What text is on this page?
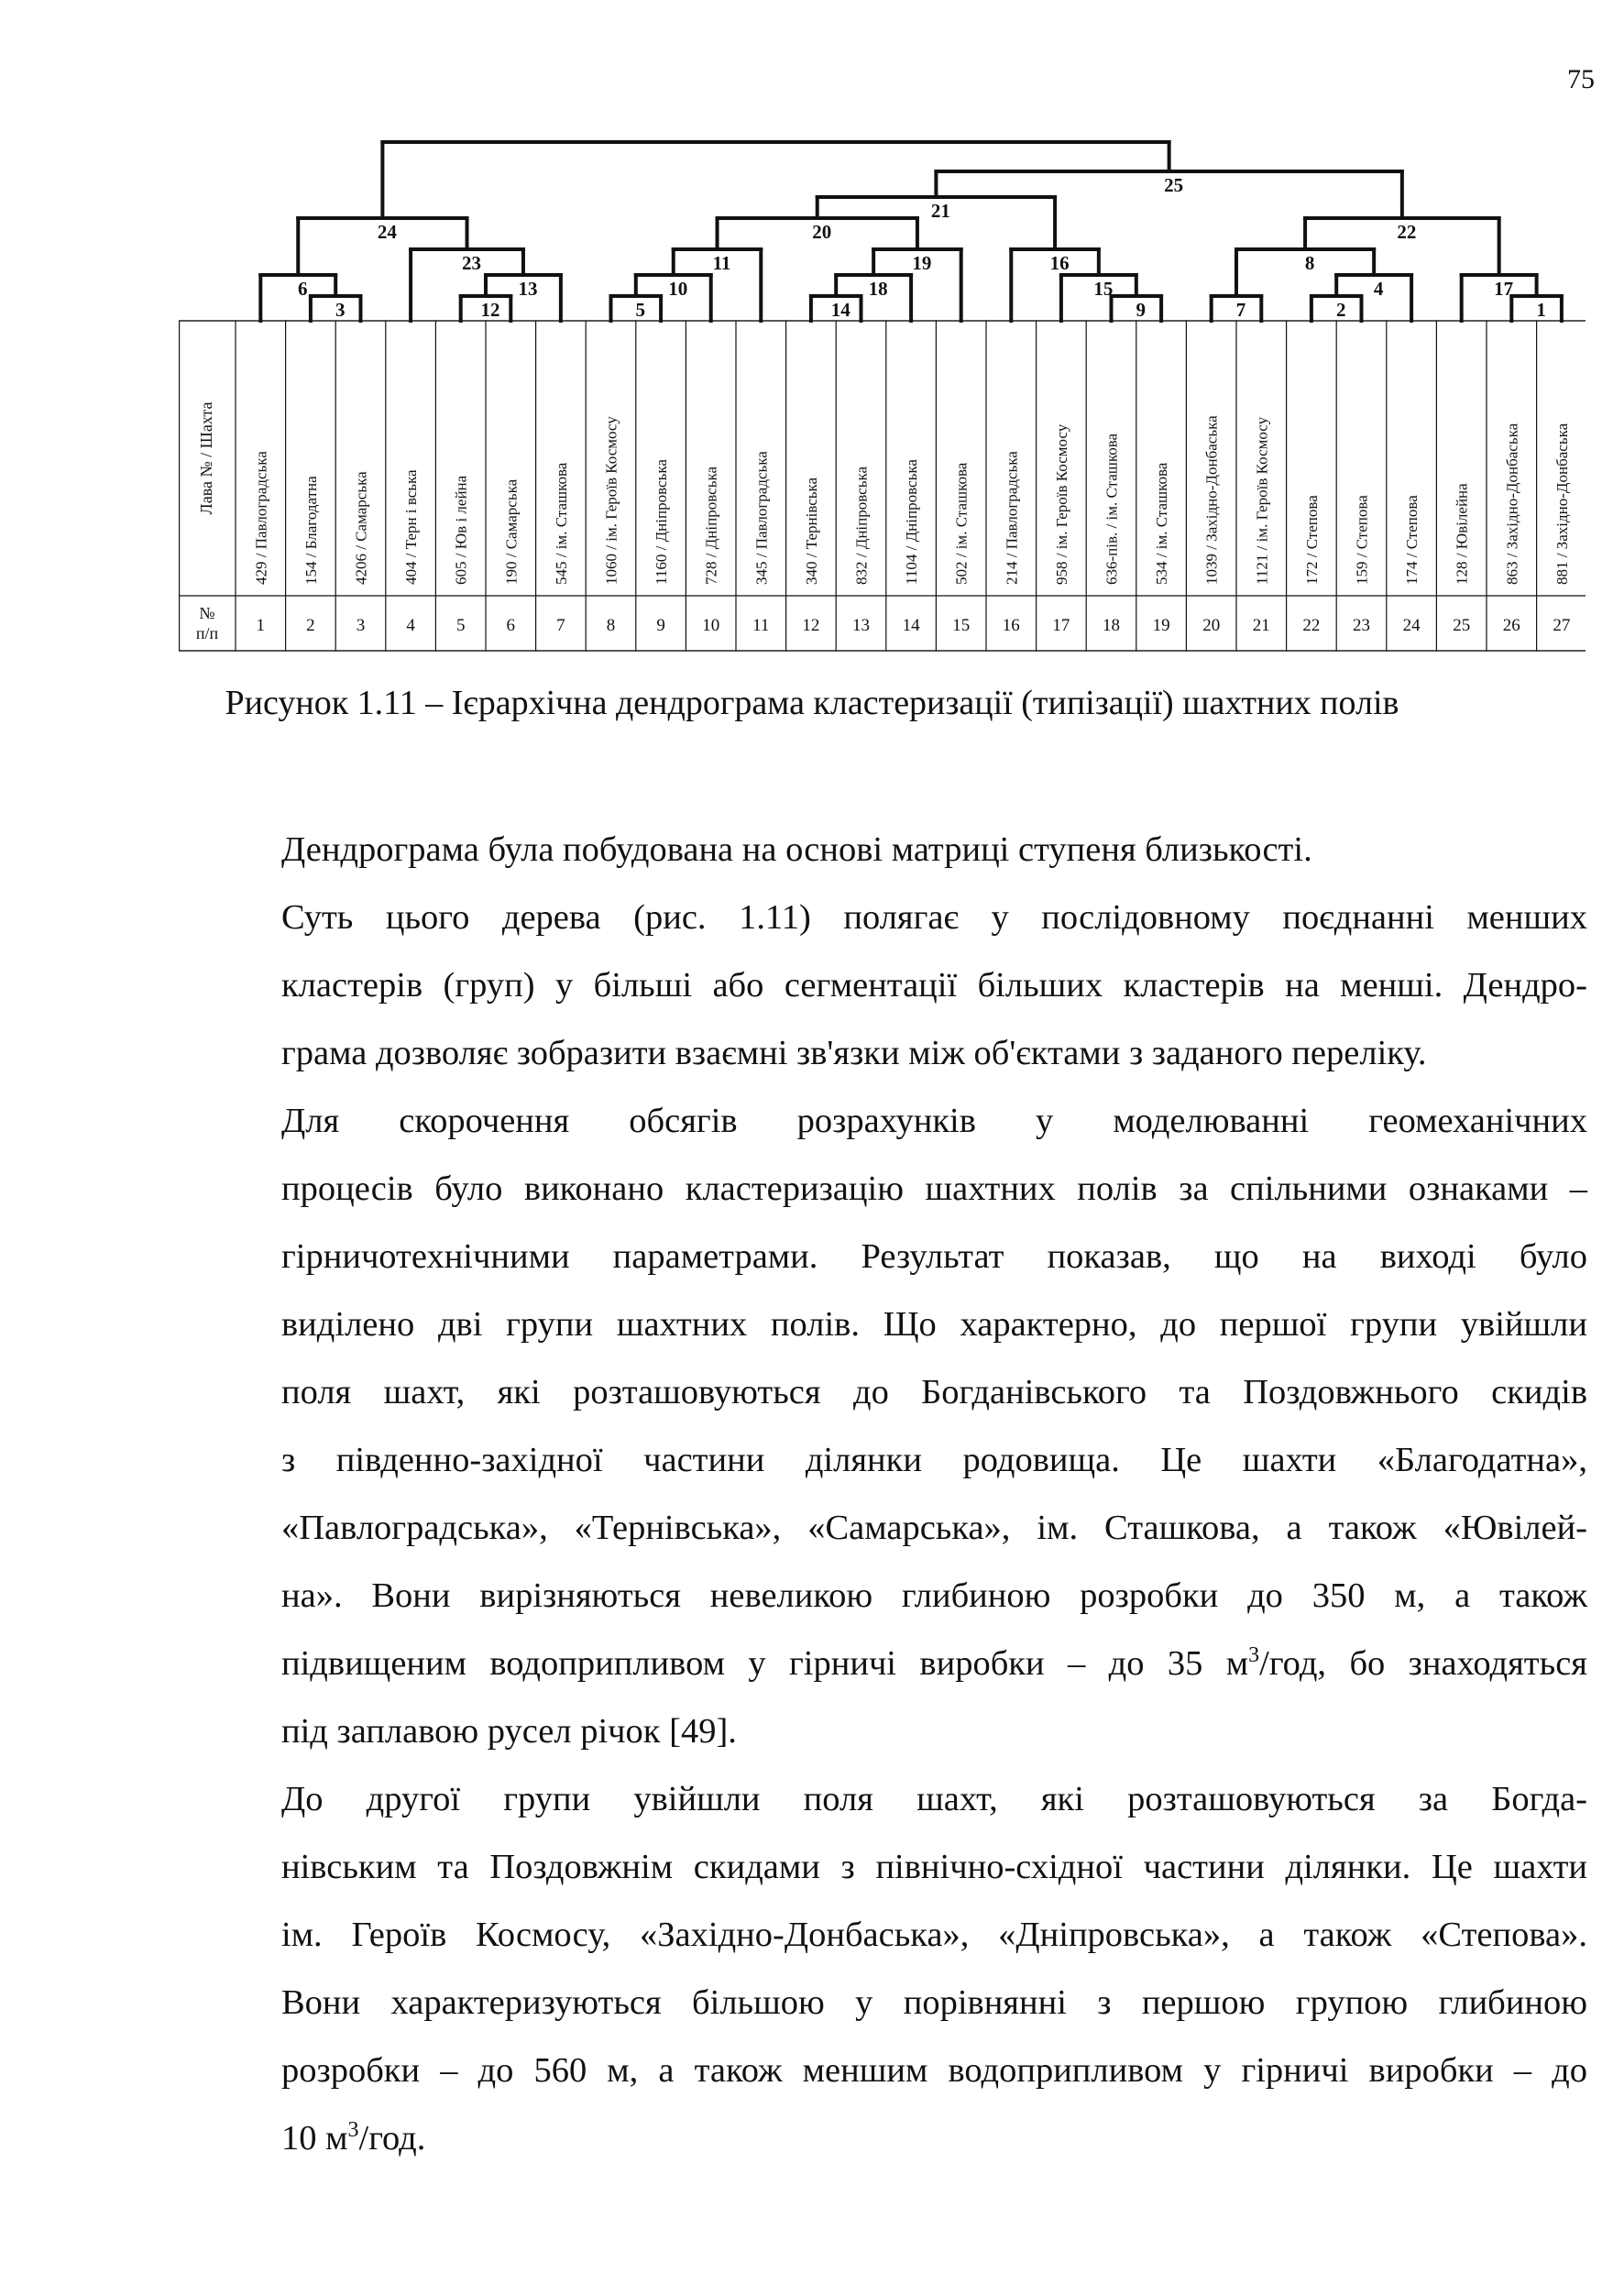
75
Лава № / Шахта
№
п/п
429 / Павлоградська
1
154 / Благодатна
2
4206 / Самарська
3
404 / Терн і вська
4
605 / Юв і лейна
5
190 / Самарська
6
545 / ім. Сташкова
7
1060 / ім. Героїв Космосу
8
1160 / Дніпровська
9
728 / Дніпровська
10
345 / Павлоградська
11
340 / Тернівська
12
832 / Дніпровська
13
1104 / Дніпровська
14
502 / ім. Сташкова
15
214 / Павлоградська
16
958 / ім. Героїв Космосу
17
636-пів. / ім. Сташкова
18
534 / ім. Сташкова
19
1039 / Західно-Донбаська
20
1121 / ім. Героїв Космосу
21
172 / Степова
22
159 / Степова
23
174 / Степова
24
128 / Ювілейна
25
863 / Західно-Донбаська
26
881 / Західно-Донбаська
27
3
6
12
13
23
24
5
10
11
14
18
19
20
9
15
16
21
7	2
4
8
1
17
22
25
Рисунок 1.11 – Ієрархічна дендрограма кластеризації (типізації) шахтних полів

Дендрограма була побудована на основі матриці ступеня близькості.

Суть цього дерева (рис. 1.11) полягає у послідовному поєднанні менших
кластерів (груп) у більші або сегментації більших кластерів на менші. Дендро-
грама дозволяє зобразити взаємні зв'язки між об'єктами з заданого переліку.
Для скорочення обсягів розрахунків у моделюванні геомеханічних
процесів було виконано кластеризацію шахтних полів за спільними ознаками –
гірничотехнічними параметрами. Результат показав, що на виході було
виділено дві групи шахтних полів. Що характерно, до першої групи увійшли
поля шахт, які розташовуються до Богданівського та Поздовжнього скидів
з південно-західної частини ділянки родовища. Це шахти «Благодатна»,
«Павлоградська», «Тернівська», «Самарська», ім. Сташкова, а також «Ювілей-
на». Вони вирізняються невеликою глибиною розробки до 350 м, а також
підвищеним водоприпливом у гірничі виробки – до 35 $м^3$/год, бо знаходяться
під заплавою русел річок [49].
До другої групи увійшли поля шахт, які розташовуються за Богда-
нівським та Поздовжнім скидами з північно-східної частини ділянки. Це шахти
ім. Героїв Космосу, «Західно-Донбаська», «Дніпровська», а також «Степова».
Вони характеризуються більшою у порівнянні з першою групою глибиною
розробки – до 560 м, а також меншим водоприпливом у гірничі виробки – до
10 $м^3$/год.
